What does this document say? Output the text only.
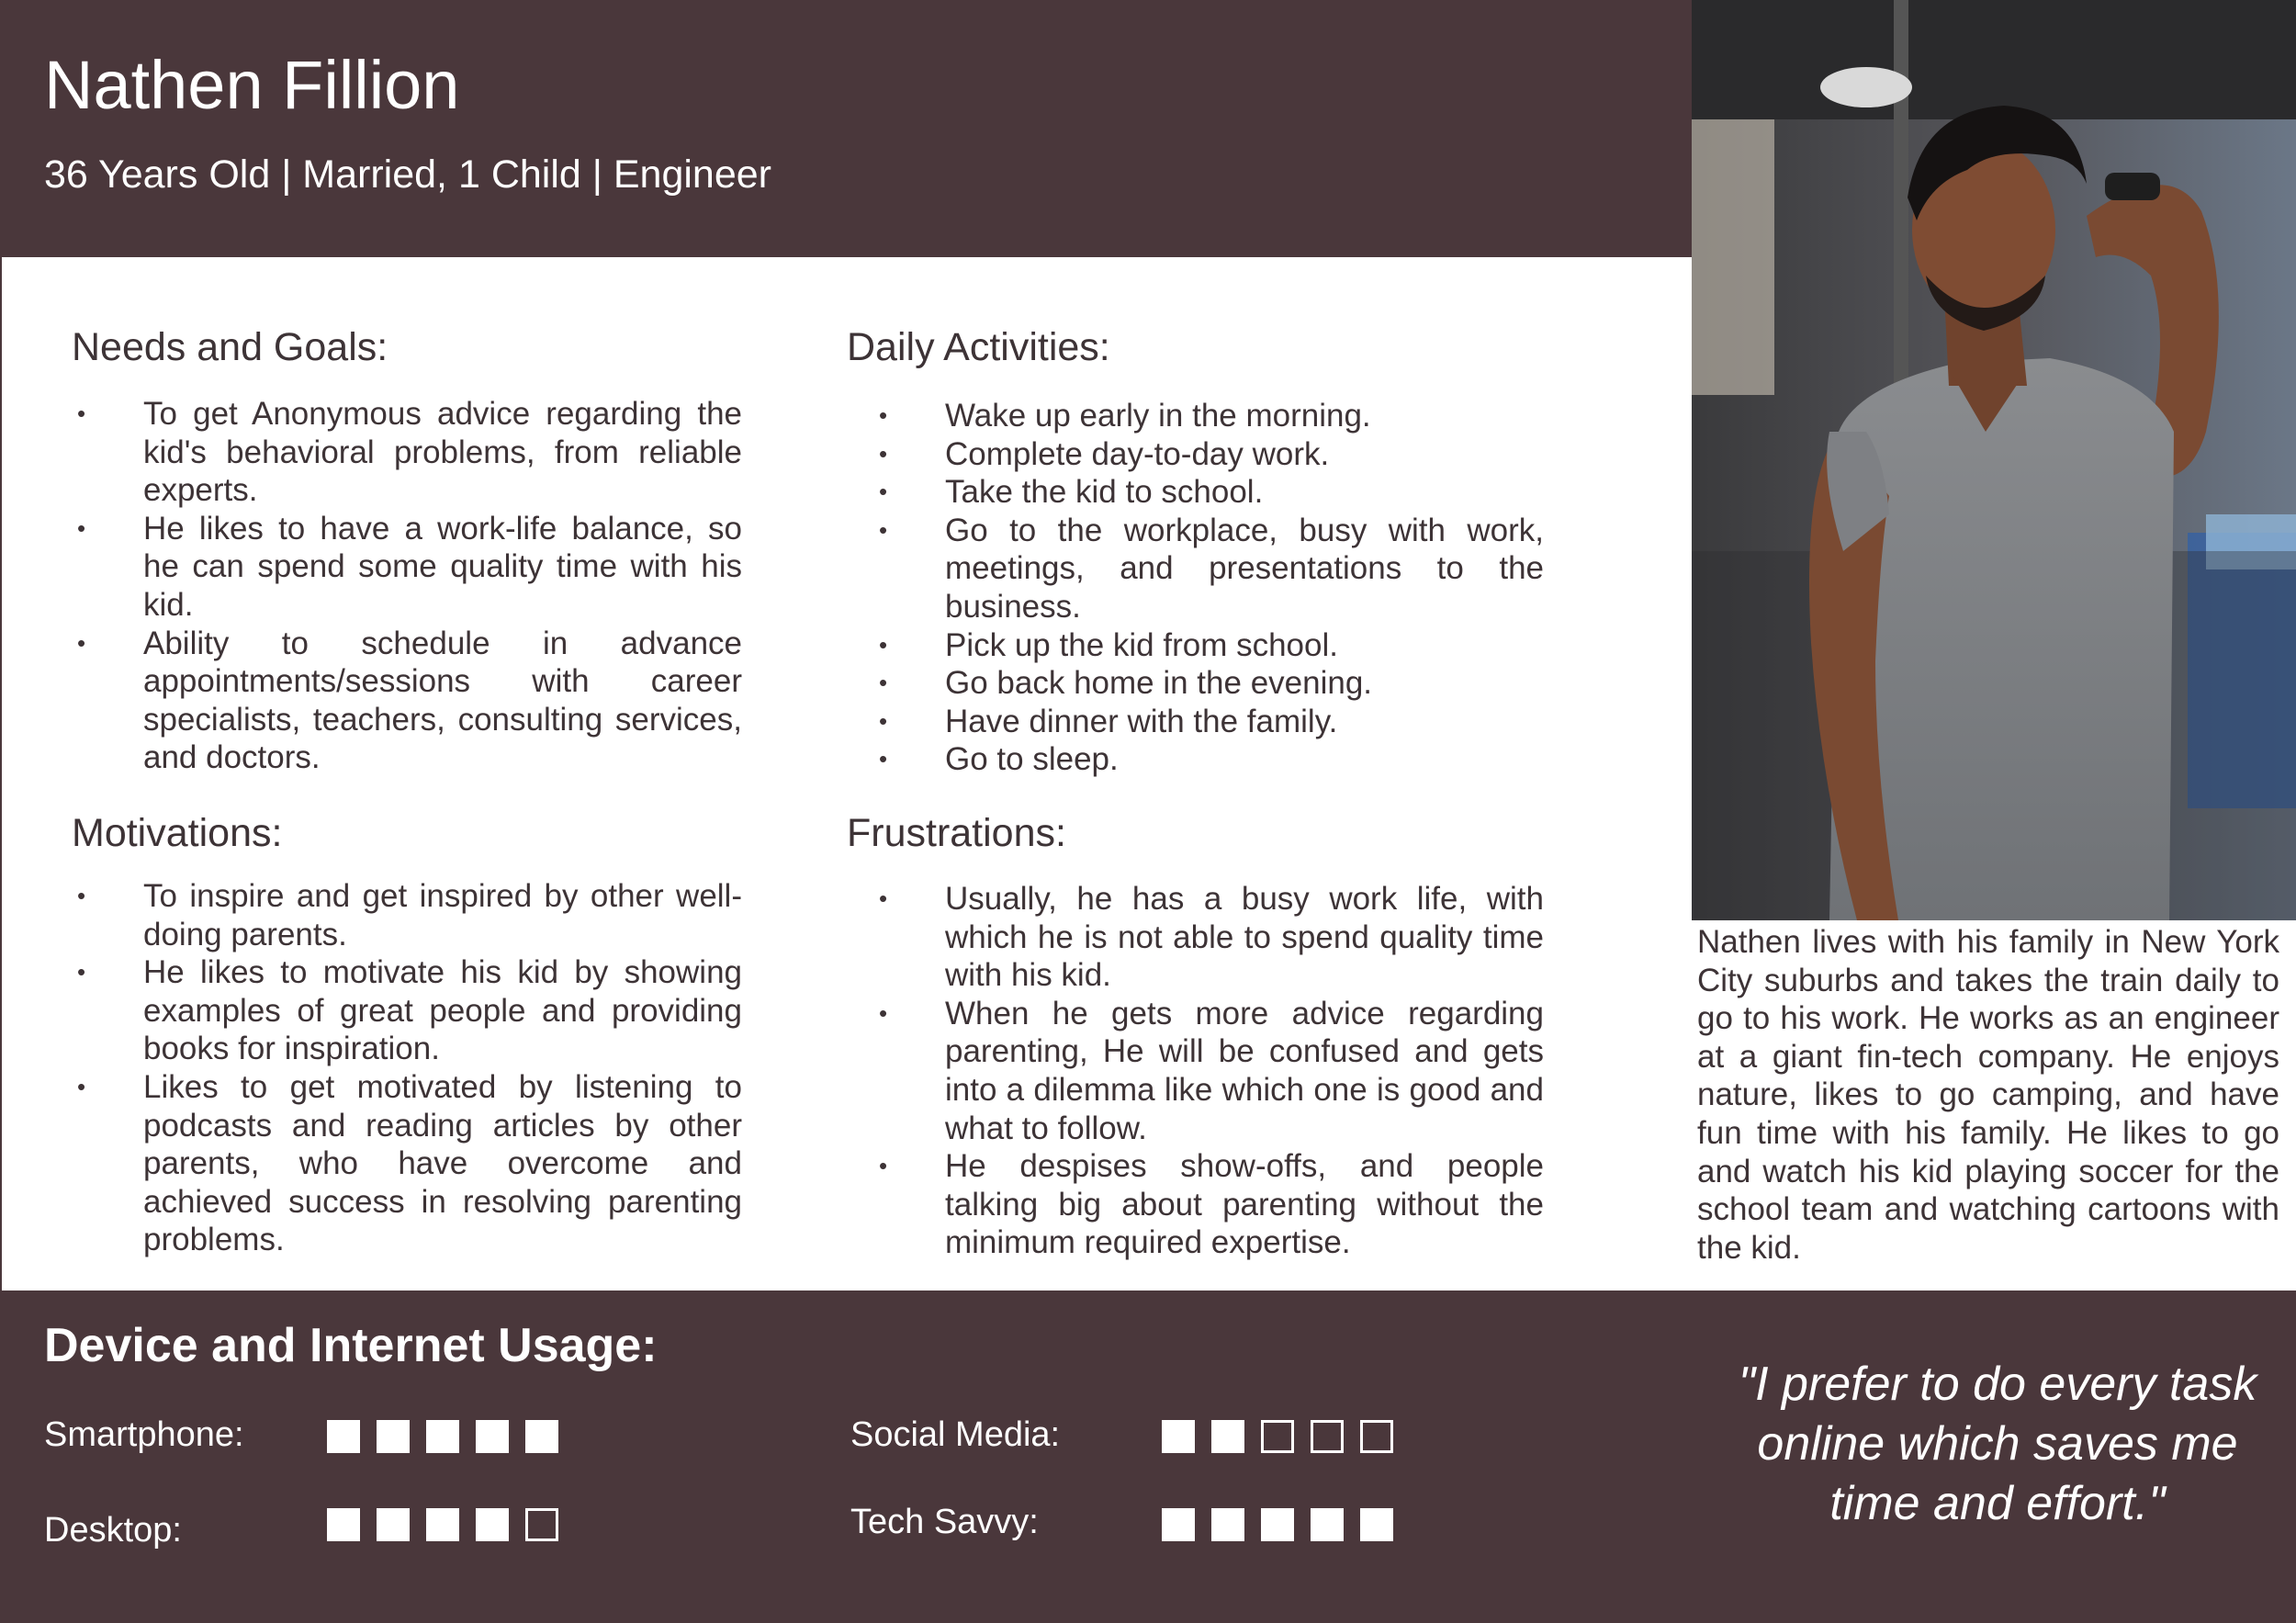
Nathen Fillion
36 Years Old | Married, 1 Child | Engineer
Nathen lives with his family in New York City suburbs and takes the train daily to go to his work. He works as an engineer at a giant fin-tech company. He enjoys nature, likes to go camping, and have fun time with his family. He likes to go and watch his kid playing soccer for the school team and watching cartoons with the kid.
Needs and Goals:
• To get Anonymous advice regarding the kid's behavioral problems, from reliable experts.
• He likes to have a work-life balance, so he can spend some quality time with his kid.
• Ability to schedule in advance appointments/sessions with career specialists, teachers, consulting services, and doctors.
Motivations:
• To inspire and get inspired by other well-doing parents.
• He likes to motivate his kid by showing examples of great people and providing books for inspiration.
• Likes to get motivated by listening to podcasts and reading articles by other parents, who have overcome and achieved success in resolving parenting problems.
Daily Activities:
• Wake up early in the morning.
• Complete day-to-day work.
• Take the kid to school.
• Go to the workplace, busy with work, meetings, and presentations to the business.
• Pick up the kid from school.
• Go back home in the evening.
• Have dinner with the family.
• Go to sleep.
Frustrations:
• Usually, he has a busy work life, with which he is not able to spend quality time with his kid.
• When he gets more advice regarding parenting, He will be confused and gets into a dilemma like which one is good and what to follow.
• He despises show-offs, and people talking big about parenting without the minimum required expertise.
Device and Internet Usage:
Smartphone:
Desktop:
Social Media:
Tech Savvy:
"I prefer to do every task online which saves me time and effort."
